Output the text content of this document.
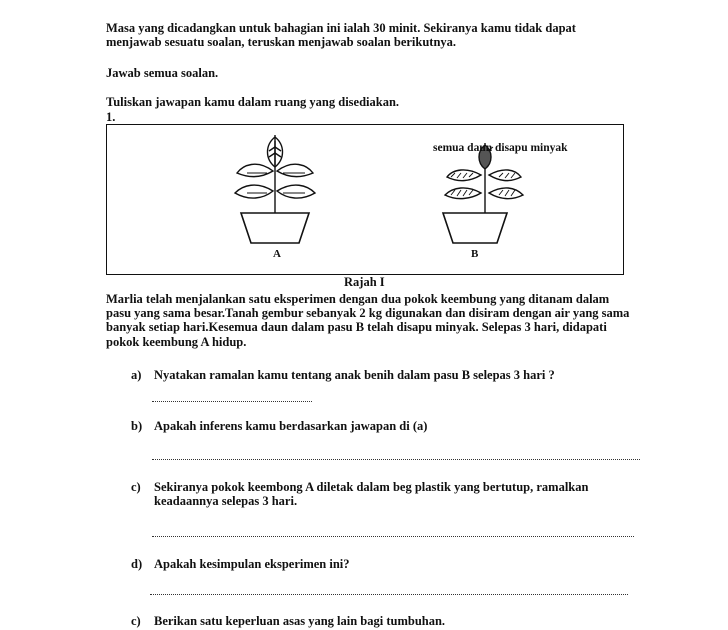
Masa yang dicadangkan untuk bahagian ini ialah 30 minit. Sekiranya kamu tidak dapat menjawab sesuatu soalan, teruskan menjawab soalan berikutnya.
Jawab semua soalan.
Tuliskan jawapan kamu dalam ruang yang disediakan.
1.
semua daun disapu minyak
A	B
Rajah I
Marlia telah menjalankan satu eksperimen dengan dua pokok keembung yang ditanam dalam pasu yang sama besar.Tanah gembur sebanyak 2 kg digunakan dan disiram dengan air yang sama banyak setiap hari.Kesemua daun dalam pasu B telah disapu minyak. Selepas 3 hari, didapati pokok keembung A hidup.
a) Nyatakan ramalan kamu tentang anak benih dalam pasu B selepas 3 hari ?
b) Apakah inferens kamu berdasarkan jawapan di (a)
c) Sekiranya pokok keembong A diletak dalam beg plastik yang bertutup, ramalkan keadaannya selepas 3 hari.
d) Apakah kesimpulan eksperimen ini?
c) Berikan satu keperluan asas yang lain bagi tumbuhan.
